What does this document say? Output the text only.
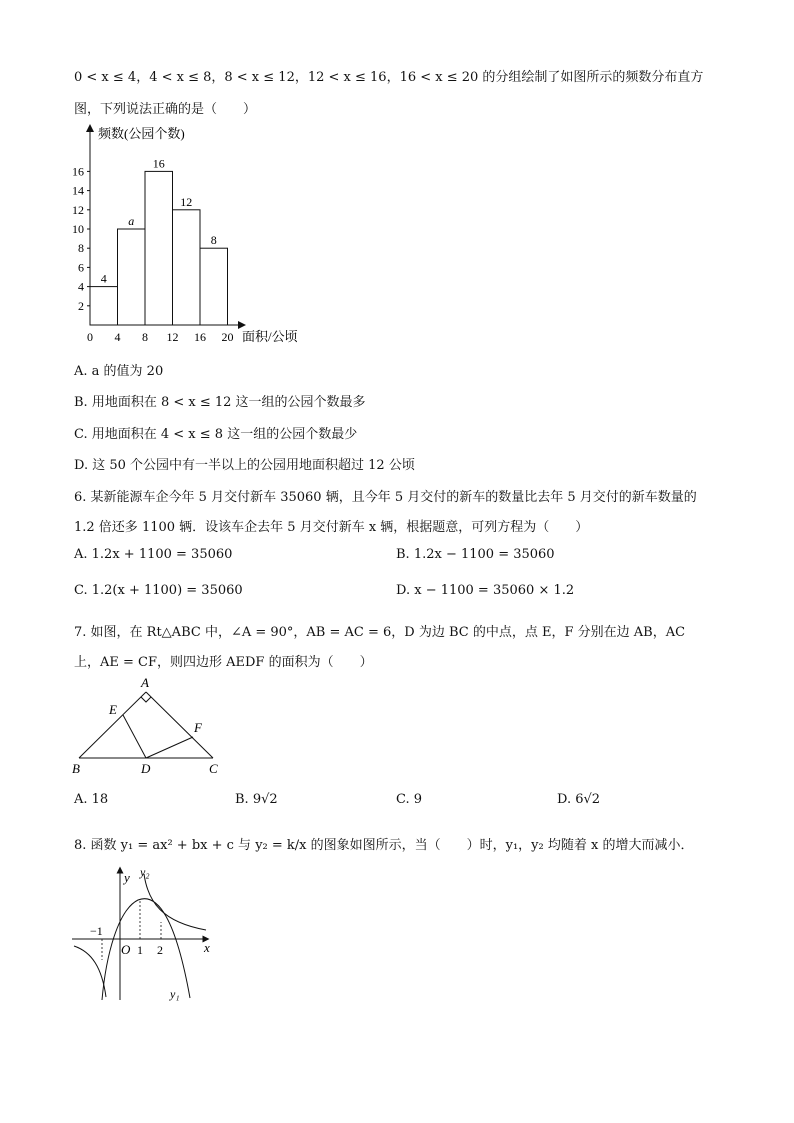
0 < x ≤ 4，4 < x ≤ 8，8 < x ≤ 12，12 < x ≤ 16，16 < x ≤ 20 的分组绘制了如图所示的频数分布直方
图，下列说法正确的是（　　）
频数(公园个数)
面积/公顷
2
4
6
8
10
12
14
16
0 4 8 12 16 20
4
a
16
12
8
A. a 的值为 20
B. 用地面积在 8 < x ≤ 12 这一组的公园个数最多
C. 用地面积在 4 < x ≤ 8 这一组的公园个数最少
D. 这 50 个公园中有一半以上的公园用地面积超过 12 公顷
6. 某新能源车企今年 5 月交付新车 35060 辆，且今年 5 月交付的新车的数量比去年 5 月交付的新车数量的
1.2 倍还多 1100 辆．设该车企去年 5 月交付新车 x 辆，根据题意，可列方程为（　　）
A. 1.2x + 1100 = 35060	B. 1.2x − 1100 = 35060
C. 1.2(x + 1100) = 35060	D. x − 1100 = 35060 × 1.2
7. 如图，在 Rt△ABC 中，∠A = 90°，AB = AC = 6，D 为边 BC 的中点，点 E，F 分别在边 AB，AC
上，AE = CF，则四边形 AEDF 的面积为（　　）
A
E
F
B	D	C
A. 18	B. 9√2	C. 9	D. 6√2
8. 函数 y₁ = ax² + bx + c 与 y₂ = k/x 的图象如图所示，当（　　）时，y₁，y₂ 均随着 x 的增大而减小．
y y₂
x
O
−1
1 2
y₁
